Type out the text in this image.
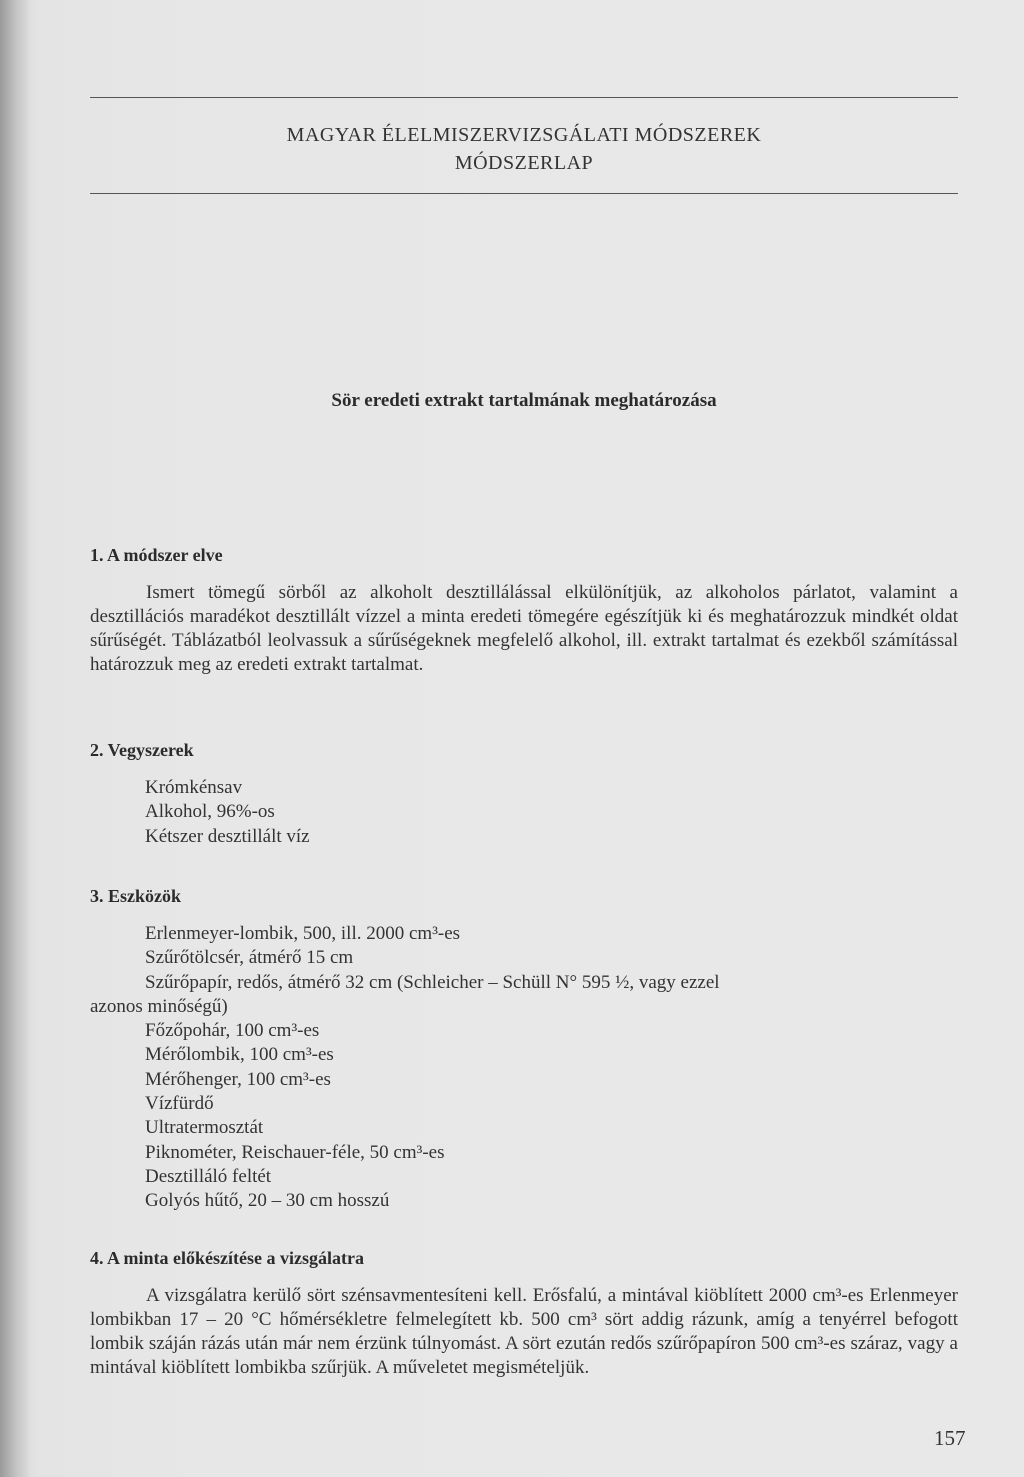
MAGYAR ÉLELMISZERVIZSGÁLATI MÓDSZEREK
MÓDSZERLAP
Sör eredeti extrakt tartalmának meghatározása
1. A módszer elve

Ismert tömegű sörből az alkoholt desztillálással elkülönítjük, az alkoholos párlatot, valamint a desztillációs maradékot desztillált vízzel a minta eredeti tömegére egészítjük ki és meghatározzuk mindkét oldat sűrűségét. Táblázatból leolvassuk a sűrűségeknek megfelelő alkohol, ill. extrakt tartalmat és ezekből számítással határozzuk meg az eredeti extrakt tartalmat.

2. Vegyszerek
Krómkénsav
Alkohol, 96%-os
Kétszer desztillált víz
3. Eszközök
Erlenmeyer-lombik, 500, ill. 2000 cm³-es
Szűrőtölcsér, átmérő 15 cm
Szűrőpapír, redős, átmérő 32 cm (Schleicher – Schüll N° 595 ½, vagy ezzel
azonos minőségű)
Főzőpohár, 100 cm³-es
Mérőlombik, 100 cm³-es
Mérőhenger, 100 cm³-es
Vízfürdő
Ultratermosztát
Piknométer, Reischauer-féle, 50 cm³-es
Desztilláló feltét
Golyós hűtő, 20 – 30 cm hosszú
4. A minta előkészítése a vizsgálatra

A vizsgálatra kerülő sört szénsavmentesíteni kell. Erősfalú, a mintával kiöblített 2000 cm³-es Erlenmeyer lombikban 17 – 20 °C hőmérsékletre felmelegített kb. 500 cm³ sört addig rázunk, amíg a tenyérrel befogott lombik száján rázás után már nem érzünk túlnyomást. A sört ezután redős szűrőpapíron 500 cm³-es száraz, vagy a mintával kiöblített lombikba szűrjük. A műveletet megismételjük.

157
